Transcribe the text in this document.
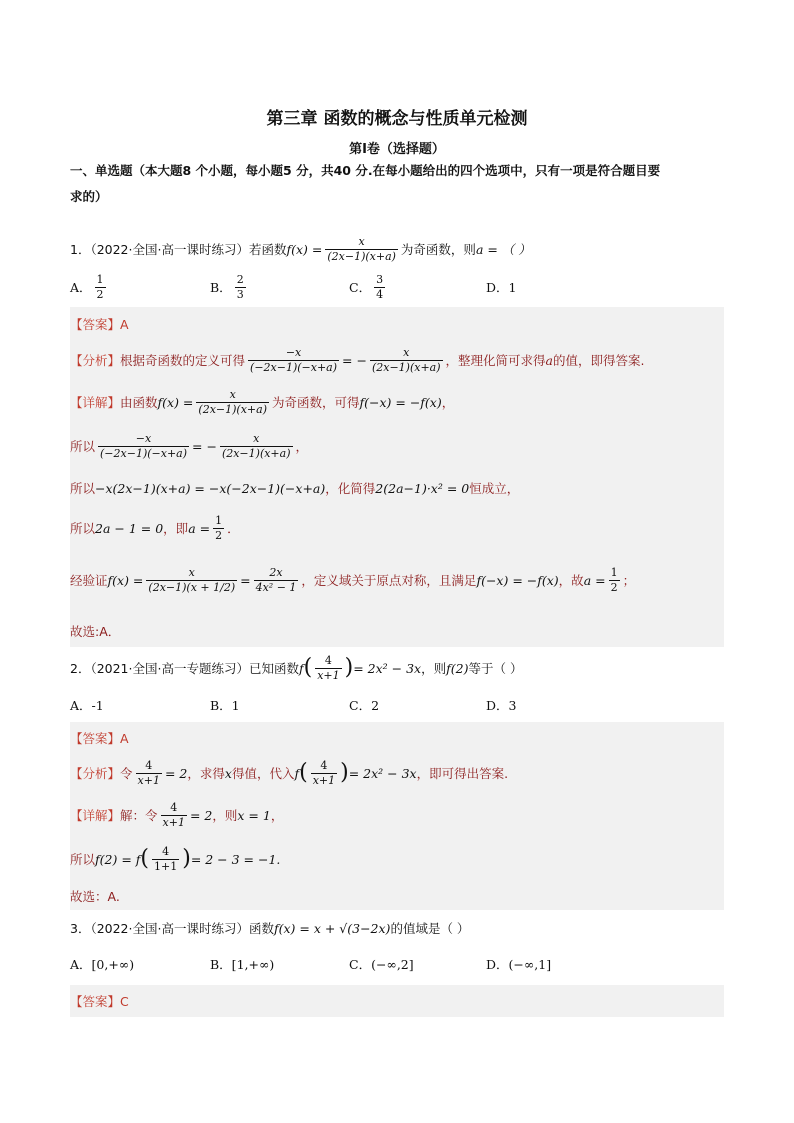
第三章 函数的概念与性质单元检测
第I卷（选择题）
一、单选题（本大题8 个小题，每小题5 分，共40 分.在每小题给出的四个选项中，只有一项是符合题目要
求的）
1．（2022·全国·高一课时练习）若函数 $f(x) = \frac{x}{(2x-1)(x+a)}$ 为奇函数，则 a = （ ）
A． $\frac{1}{2}$	B． $\frac{2}{3}$	C． $\frac{3}{4}$	D． 1
【答案】 A
【分析】 根据奇函数的定义可得 $\frac{-x}{(-2x-1)(-x+a)}$ = − $\frac{x}{(2x-1)(x+a)}$ ，整理化简可求得 a 的值，即得答案.
【详解】 由函数 $f(x) = \frac{x}{(2x-1)(x+a)}$ 为奇函数，可得 f(−x) = −f(x) ，
所以 $\frac{-x}{(-2x-1)(-x+a)}$ = − $\frac{x}{(2x-1)(x+a)}$ ，
所以 −x(2x−1)(x+a) = −x(−2x−1)(−x+a) ，化简得 2(2a−1)·x² = 0 恒成立，
所以 2a − 1 = 0 ，即 $a = \frac{1}{2}$ ．
经验证 $f(x) = \frac{x}{(2x-1)(x + 1/2)} = \frac{2x}{\text{4x² − 1}}$ ，定义域关于原点对称，且满足 f(−x) = −f(x) ，故 $a = \frac{1}{2}$ ；
故选:A．
2．（2021·全国·高一专题练习）已知函数 f ( $\frac{4}{x+1}$ ) = 2x² − 3x ，则 f(2) 等于（ ）
A．-1	B．1	C．2	D．3
【答案】 A
【分析】 令 $\frac{4}{x+1} = 2$ ，求得 x 得值，代入 f ( $\frac{4}{x+1}$ ) = 2x² − 3x ，即可得出答案.
【详解】 解：令 $\frac{4}{x+1} = 2$ ，则 x = 1 ，
所以 f(2) = f ( $\frac{4}{1+1}$ ) = 2 − 3 = −1.
故选：A.
3．（2022·全国·高一课时练习）函数 f(x) = x + √(3−2x) 的值域是（ ）
A．[0,+∞)	B．[1,+∞)	C．(−∞,2]	D．(−∞,1]
【答案】 C
